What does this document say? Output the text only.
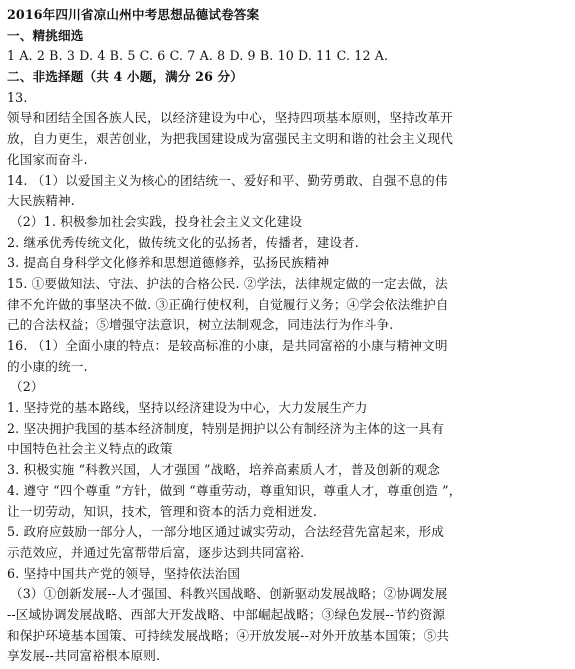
2016年四川省凉山州中考思想品德试卷答案
一、精挑细选
1 A. 2 B. 3 D. 4 B. 5 C. 6 C. 7 A. 8 D. 9 B. 10 D. 11 C. 12 A.
二、非选择题（共 4 小题，满分 26 分）
13.
领导和团结全国各族人民，以经济建设为中心，坚持四项基本原则，坚持改革开
放，自力更生，艰苦创业，为把我国建设成为富强民主文明和谐的社会主义现代
化国家而奋斗.
14. （1）以爱国主义为核心的团结统一、爱好和平、勤劳勇敢、自强不息的伟
大民族精神.
（2）1. 积极参加社会实践，投身社会主义文化建设
2. 继承优秀传统文化，做传统文化的弘扬者，传播者，建设者.
3. 提高自身科学文化修养和思想道德修养，弘扬民族精神
15. ①要做知法、守法、护法的合格公民. ②学法，法律规定做的一定去做，法
律不允许做的事坚决不做. ③正确行使权利，自觉履行义务；④学会依法维护自
己的合法权益；⑤增强守法意识，树立法制观念，同违法行为作斗争.
16. （1）全面小康的特点：是较高标准的小康，是共同富裕的小康与精神文明
的小康的统一.
（2）
1. 坚持党的基本路线，坚持以经济建设为中心，大力发展生产力
2. 坚决拥护我国的基本经济制度，特别是拥护以公有制经济为主体的这一具有
中国特色社会主义特点的政策
3. 积极实施 “科教兴国，人才强国 ”战略，培养高素质人才，普及创新的观念
4. 遵守 “四个尊重 ”方针，做到 “尊重劳动，尊重知识，尊重人才，尊重创造 ”，
让一切劳动，知识，技术，管理和资本的活力竞相迸发.
5. 政府应鼓励一部分人，一部分地区通过诚实劳动，合法经营先富起来，形成
示范效应，并通过先富帮带后富，逐步达到共同富裕.
6. 坚持中国共产党的领导，坚持依法治国
（3）①创新发展--人才强国、科教兴国战略、创新驱动发展战略；②协调发展
--区域协调发展战略、西部大开发战略、中部崛起战略；③绿色发展--节约资源
和保护环境基本国策、可持续发展战略；④开放发展--对外开放基本国策；⑤共
享发展--共同富裕根本原则.
